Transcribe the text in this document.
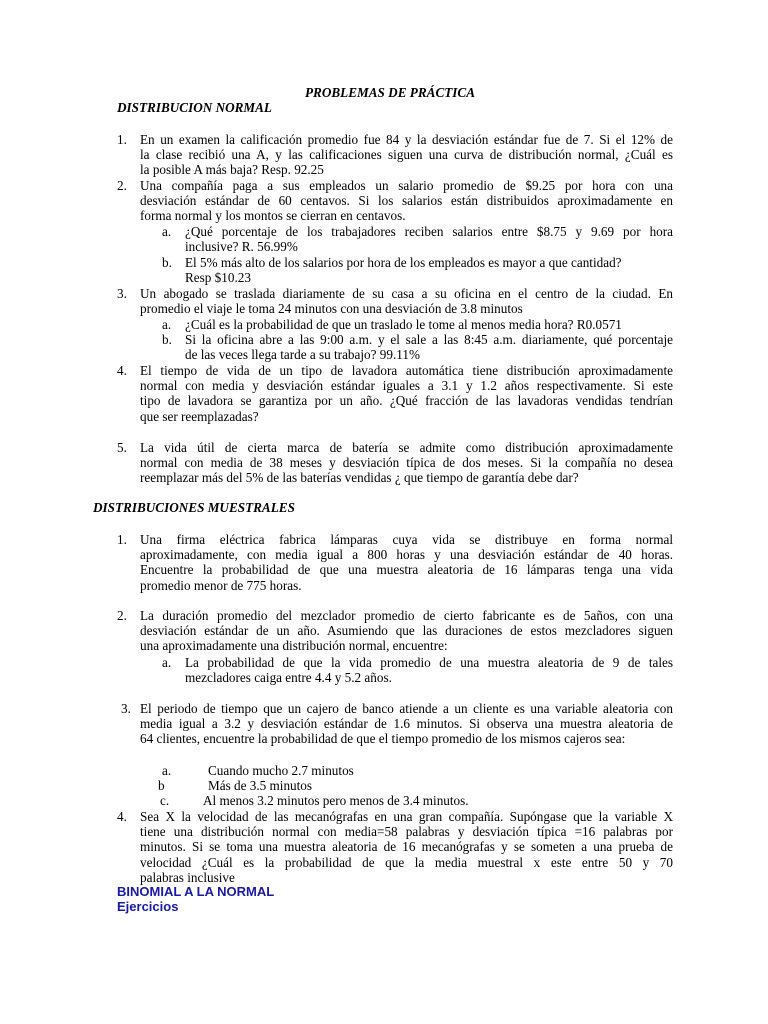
PROBLEMAS DE PRÁCTICA
DISTRIBUCION NORMAL
1. En un examen la calificación promedio fue 84 y la desviación estándar fue de 7. Si el 12% de
la clase recibió una A, y las calificaciones siguen una curva de distribución normal, ¿Cuál es
la posible A más baja? Resp. 92.25
2. Una compañía paga a sus empleados un salario promedio de $9.25 por hora con una
desviación estándar de 60 centavos. Si los salarios están distribuidos aproximadamente en
forma normal y los montos se cierran en centavos.
a. ¿Qué porcentaje de los trabajadores reciben salarios entre $8.75 y 9.69 por hora
inclusive? R. 56.99%
b. El 5% más alto de los salarios por hora de los empleados es mayor a que cantidad?
Resp $10.23
3. Un abogado se traslada diariamente de su casa a su oficina en el centro de la ciudad. En
promedio el viaje le toma 24 minutos con una desviación de 3.8 minutos
a. ¿Cuál es la probabilidad de que un traslado le tome al menos media hora? R0.0571
b. Si la oficina abre a las 9:00 a.m. y el sale a las 8:45 a.m. diariamente, qué porcentaje
de las veces llega tarde a su trabajo? 99.11%
4. El tiempo de vida de un tipo de lavadora automática tiene distribución aproximadamente
normal con media y desviación estándar iguales a 3.1 y 1.2 años respectivamente. Si este
tipo de lavadora se garantiza por un año. ¿Qué fracción de las lavadoras vendidas tendrían
que ser reemplazadas?
5. La vida útil de cierta marca de batería se admite como distribución aproximadamente
normal con media de 38 meses y desviación típica de dos meses. Si la compañía no desea
reemplazar más del 5% de las baterías vendidas ¿ que tiempo de garantía debe dar?
DISTRIBUCIONES MUESTRALES
1. Una firma eléctrica fabrica lámparas cuya vida se distribuye en forma normal
aproximadamente, con media igual a 800 horas y una desviación estándar de 40 horas.
Encuentre la probabilidad de que una muestra aleatoria de 16 lámparas tenga una vida
promedio menor de 775 horas.
2. La duración promedio del mezclador promedio de cierto fabricante es de 5años, con una
desviación estándar de un año. Asumiendo que las duraciones de estos mezcladores siguen
una aproximadamente una distribución normal, encuentre:
a. La probabilidad de que la vida promedio de una muestra aleatoria de 9 de tales
mezcladores caiga entre 4.4 y 5.2 años.
3. El periodo de tiempo que un cajero de banco atiende a un cliente es una variable aleatoria con
media igual a 3.2 y desviación estándar de 1.6 minutos. Si observa una muestra aleatoria de
64 clientes, encuentre la probabilidad de que el tiempo promedio de los mismos cajeros sea:
a.	Cuando mucho 2.7 minutos
b	Más de 3.5 minutos
c.	Al menos 3.2 minutos pero menos de 3.4 minutos.
4. Sea X la velocidad de las mecanógrafas en una gran compañía. Supóngase que la variable X
tiene una distribución normal con media=58 palabras y desviación típica =16 palabras por
minutos. Si se toma una muestra aleatoria de 16 mecanógrafas y se someten a una prueba de
velocidad ¿Cuál es la probabilidad de que la media muestral x este entre 50 y 70
palabras inclusive
BINOMIAL A LA NORMAL
Ejercicios
